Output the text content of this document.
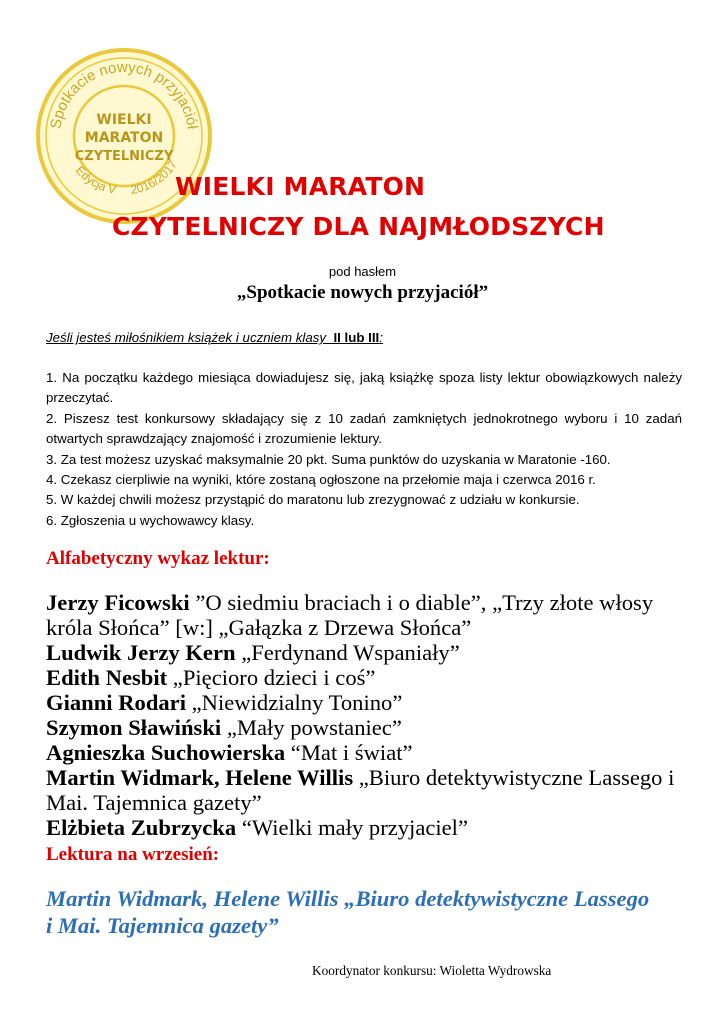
Spotkacie nowych przyjaciół
WIELKI
MARATON
CZYTELNICZY
Edycja V 2016/2017
WIELKI MARATON
CZYTELNICZY DLA NAJMŁODSZYCH
pod hasłem
„Spotkacie nowych przyjaciół”
Jeśli jesteś miłośnikiem książek i uczniem klasy II lub III:

1. Na początku każdego miesiąca dowiadujesz się, jaką książkę spoza listy lektur obowiązkowych należy przeczytać.

2. Piszesz test konkursowy składający się z 10 zadań zamkniętych jednokrotnego wyboru i 10 zadań otwartych sprawdzający znajomość i zrozumienie lektury.

3. Za test możesz uzyskać maksymalnie 20 pkt. Suma punktów do uzyskania w Maratonie -160.

4. Czekasz cierpliwie na wyniki, które zostaną ogłoszone na przełomie maja i czerwca 2016 r.

5. W każdej chwili możesz przystąpić do maratonu lub zrezygnować z udziału w konkursie.

6. Zgłoszenia u wychowawcy klasy.

Alfabetyczny wykaz lektur:

Jerzy Ficowski ”O siedmiu braciach i o diable”, „Trzy złote włosy króla Słońca” [w:] „Gałązka z Drzewa Słońca”

Ludwik Jerzy Kern „Ferdynand Wspaniały”

Edith Nesbit „Pięcioro dzieci i coś”

Gianni Rodari „Niewidzialny Tonino”

Szymon Sławiński „Mały powstaniec”

Agnieszka Suchowierska “Mat i świat”

Martin Widmark, Helene Willis „Biuro detektywistyczne Lassego i Mai. Tajemnica gazety”

Elżbieta Zubrzycka “Wielki mały przyjaciel”

Lektura na wrzesień:
Martin Widmark, Helene Willis „Biuro detektywistyczne Lassego i Mai. Tajemnica gazety”
Koordynator konkursu: Wioletta Wydrowska
